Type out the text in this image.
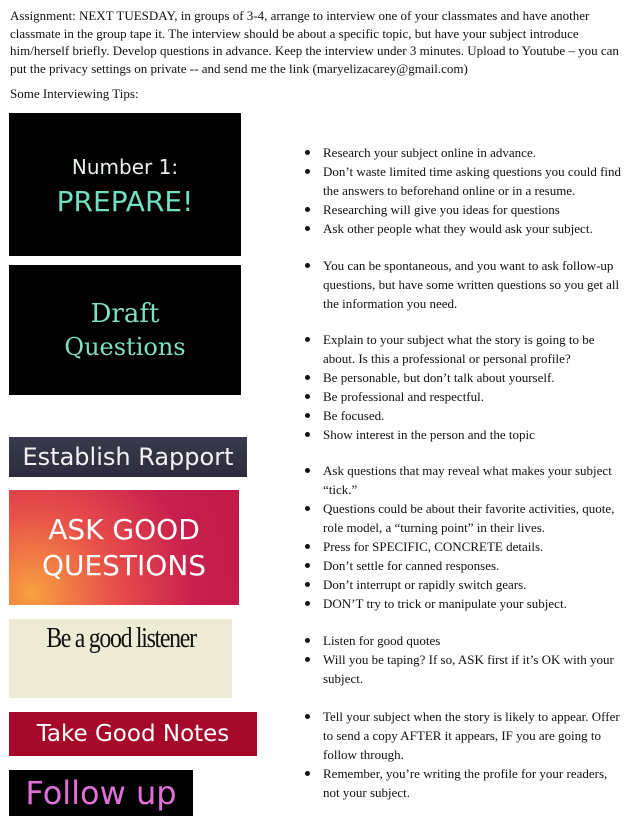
Assignment: NEXT TUESDAY, in groups of 3-4, arrange to interview one of your classmates and have another classmate in the group tape it. The interview should be about a specific topic, but have your subject introduce him/herself briefly. Develop questions in advance. Keep the interview under 3 minutes. Upload to Youtube – you can put the privacy settings on private -- and send me the link (maryelizacarey@gmail.com)
Some Interviewing Tips:
Number 1:
PREPARE!
Draft
Questions
Establish Rapport
ASK GOOD
QUESTIONS
Be a good listener
Take Good Notes
Follow up
Research your subject online in advance.
Don’t waste limited time asking questions you could find the answers to beforehand online or in a resume.
Researching will give you ideas for questions
Ask other people what they would ask your subject.
You can be spontaneous, and you want to ask follow-up questions, but have some written questions so you get all the information you need.
Explain to your subject what the story is going to be about. Is this a professional or personal profile?
Be personable, but don’t talk about yourself.
Be professional and respectful.
Be focused.
Show interest in the person and the topic
Ask questions that may reveal what makes your subject “tick.”
Questions could be about their favorite activities, quote, role model, a “turning point” in their lives.
Press for SPECIFIC, CONCRETE details.
Don’t settle for canned responses.
Don’t interrupt or rapidly switch gears.
DON’T try to trick or manipulate your subject.
Listen for good quotes
Will you be taping? If so, ASK first if it’s OK with your subject.
Tell your subject when the story is likely to appear. Offer to send a copy AFTER it appears, IF you are going to follow through.
Remember, you’re writing the profile for your readers, not your subject.
